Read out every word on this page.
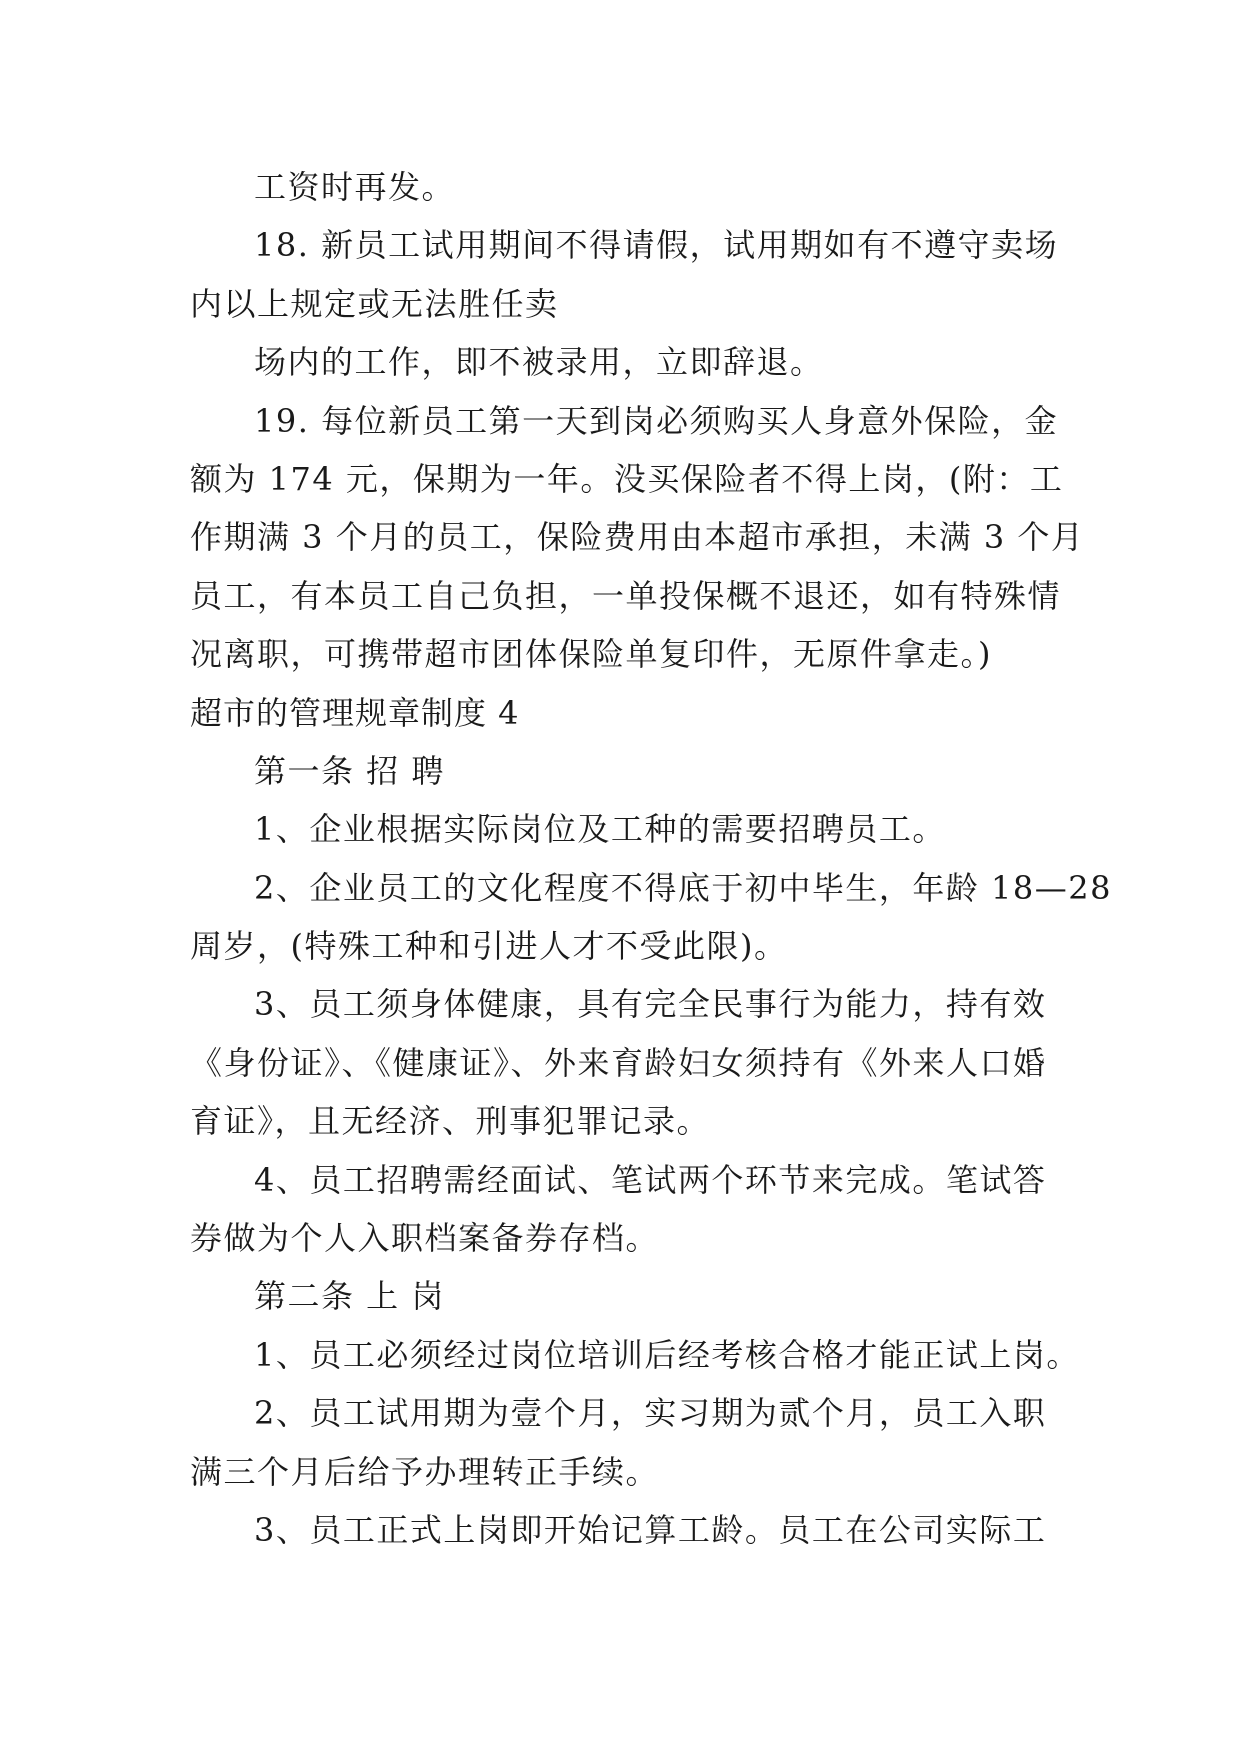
工资时再发。
18. 新员工试用期间不得请假，试用期如有不遵守卖场
内以上规定或无法胜任卖
场内的工作，即不被录用，立即辞退。
19. 每位新员工第一天到岗必须购买人身意外保险，金
额为 174 元，保期为一年。没买保险者不得上岗，(附：工
作期满 3 个月的员工，保险费用由本超市承担，未满 3 个月
员工，有本员工自己负担，一单投保概不退还，如有特殊情
况离职，可携带超市团体保险单复印件，无原件拿走。)
超市的管理规章制度 4
第一条 招 聘
1、企业根据实际岗位及工种的需要招聘员工。
2、企业员工的文化程度不得底于初中毕生，年龄 18—28
周岁，(特殊工种和引进人才不受此限)。
3、员工须身体健康，具有完全民事行为能力，持有效
《身份证》、《健康证》、外来育龄妇女须持有《外来人口婚
育证》，且无经济、刑事犯罪记录。
4、员工招聘需经面试、笔试两个环节来完成。笔试答
券做为个人入职档案备券存档。
第二条 上 岗
1、员工必须经过岗位培训后经考核合格才能正试上岗。
2、员工试用期为壹个月，实习期为贰个月，员工入职
满三个月后给予办理转正手续。
3、员工正式上岗即开始记算工龄。员工在公司实际工
